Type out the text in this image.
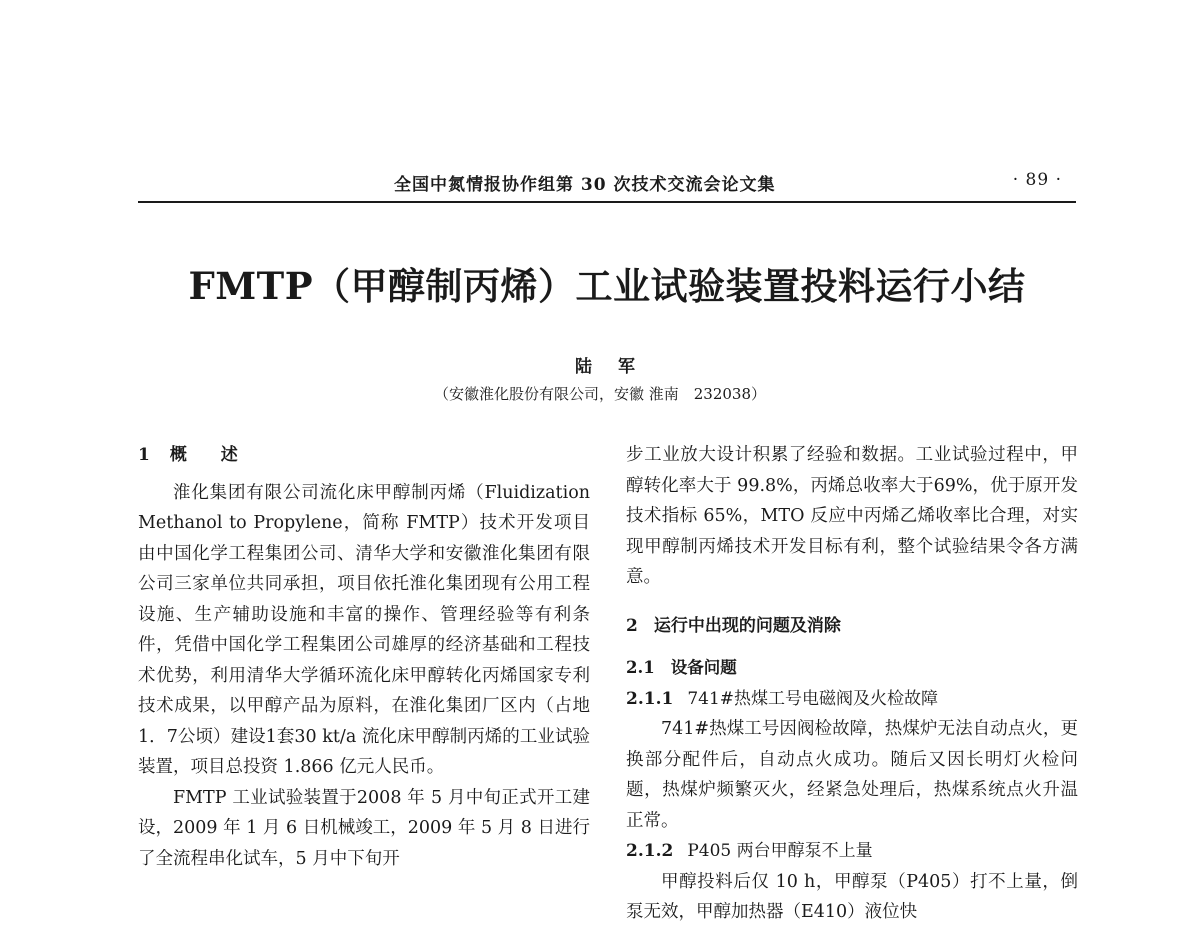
全国中氮情报协作组第 30 次技术交流会论文集	· 89 ·
FMTP（甲醇制丙烯）工业试验装置投料运行小结
陆 军
（安徽淮化股份有限公司，安徽 淮南　232038）
1 概 述

淮化集团有限公司流化床甲醇制丙烯（Fluidization Methanol to Propylene，简称 FMTP）技术开发项目由中国化学工程集团公司、清华大学和安徽淮化集团有限公司三家单位共同承担，项目依托淮化集团现有公用工程设施、生产辅助设施和丰富的操作、管理经验等有利条件，凭借中国化学工程集团公司雄厚的经济基础和工程技术优势，利用清华大学循环流化床甲醇转化丙烯国家专利技术成果，以甲醇产品为原料，在淮化集团厂区内（占地1．7公顷）建设1套30 kt/a 流化床甲醇制丙烯的工业试验装置，项目总投资 1.866 亿元人民币。

FMTP 工业试验装置于2008 年 5 月中旬正式开工建设，2009 年 1 月 6 日机械竣工，2009 年 5 月 8 日进行了全流程串化试车，5 月中下旬开

步工业放大设计积累了经验和数据。工业试验过程中，甲醇转化率大于 99.8%，丙烯总收率大于69%，优于原开发技术指标 65%，MTO 反应中丙烯乙烯收率比合理，对实现甲醇制丙烯技术开发目标有利，整个试验结果令各方满意。

2 运行中出现的问题及消除
2.1 设备问题
2.1.1 741#热煤工号电磁阀及火检故障

741#热煤工号因阀检故障，热煤炉无法自动点火，更换部分配件后，自动点火成功。随后又因长明灯火检问题，热煤炉频繁灭火，经紧急处理后，热煤系统点火升温正常。

2.1.2 P405 两台甲醇泵不上量

甲醇投料后仅 10 h，甲醇泵（P405）打不上量，倒泵无效，甲醇加热器（E410）液位快
